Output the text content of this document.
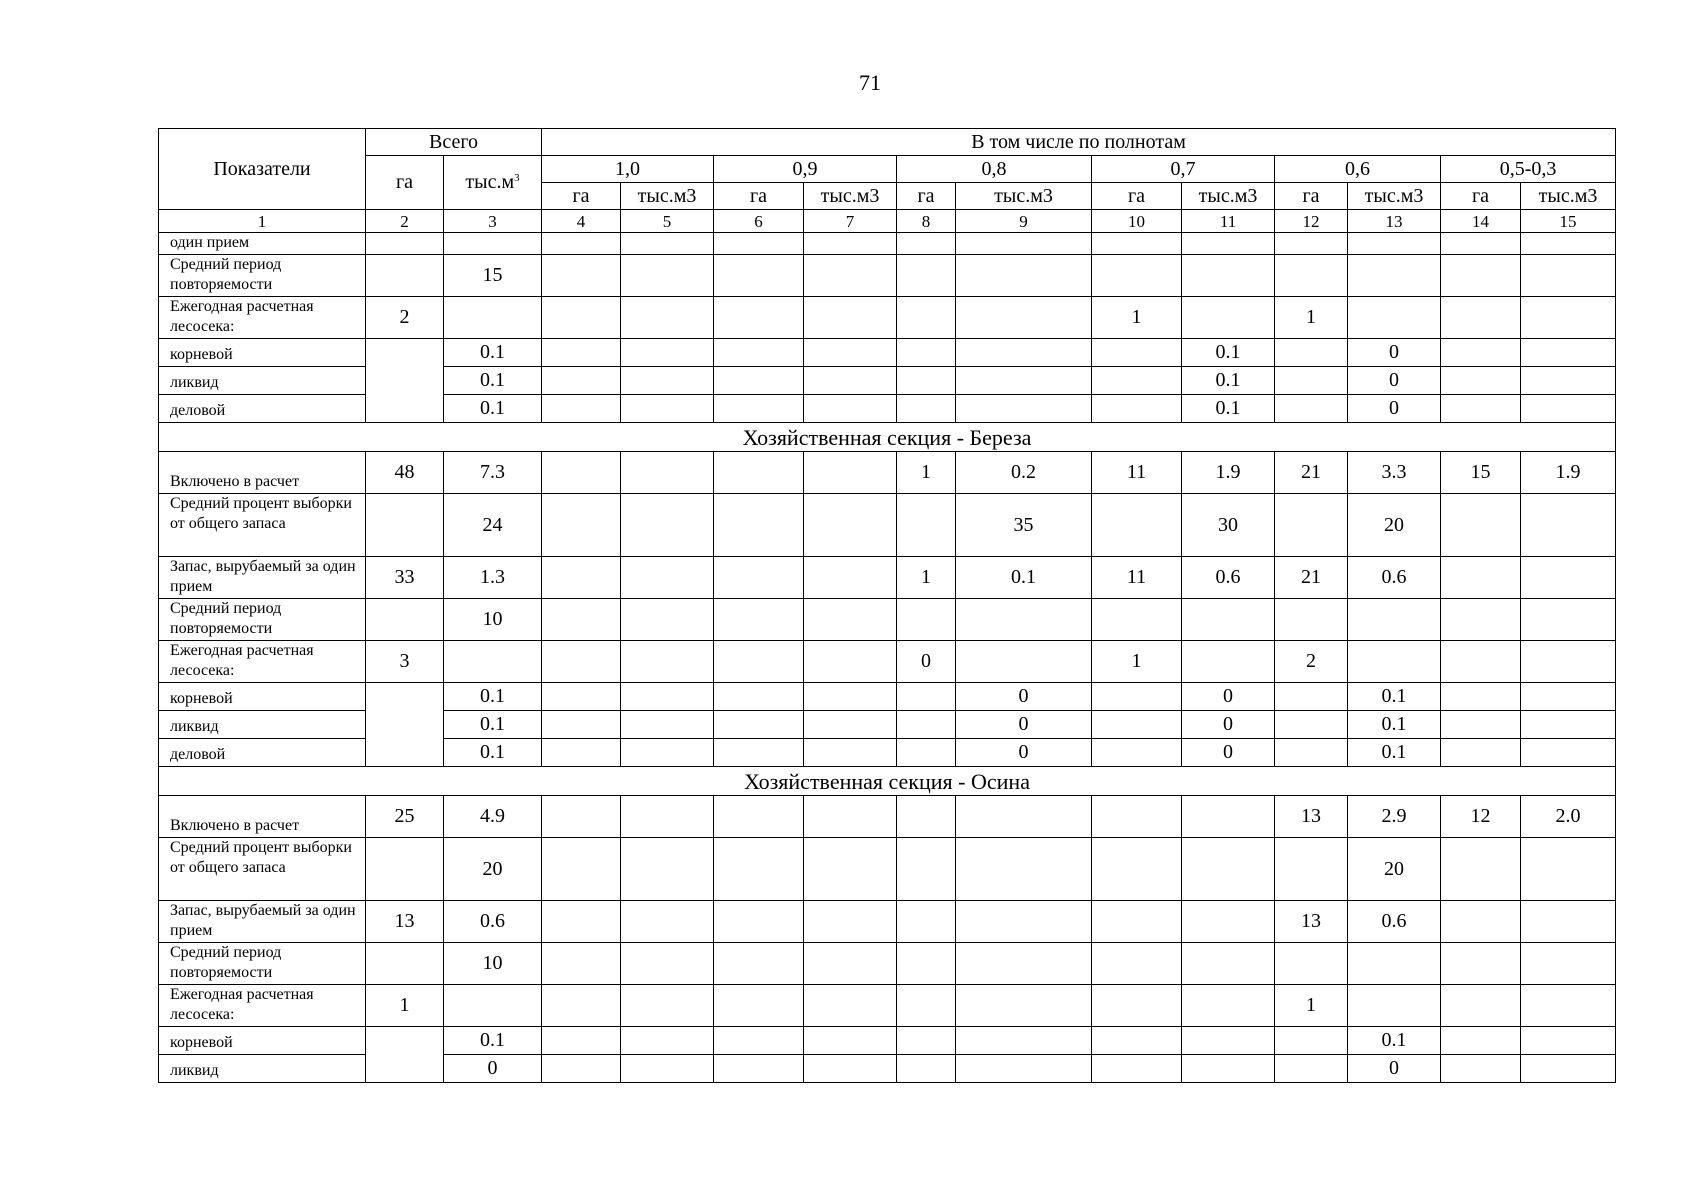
71
Показатели	Всего		В том числе по полнотам											
	га	$тыс.м^3$	1,0		0,9		0,8		0,7		0,6		0,5-0,3	
			га	тыс.м3	га	тыс.м3	га	тыс.м3	га	тыс.м3	га	тыс.м3	га	тыс.м3
1	2	3	4	5	6	7	8	9	10	11	12	13	14	15
один прием														
Средний период повторяемости		15												
Ежегодная расчетная лесосека:	2								1		1			
корневой		0.1								0.1		0		
ликвид		0.1								0.1		0		
деловой		0.1								0.1		0		
Хозяйственная секция - Береза														
Включено в расчет	48	7.3					1	0.2	11	1.9	21	3.3	15	1.9
Средний процент выборки от общего запаса		24						35		30		20		
Запас, вырубаемый за один прием	33	1.3					1	0.1	11	0.6	21	0.6		
Средний период повторяемости		10												
Ежегодная расчетная лесосека:	3						0		1		2			
корневой		0.1						0		0		0.1		
ликвид		0.1						0		0		0.1		
деловой		0.1						0		0		0.1		
Хозяйственная секция - Осина														
Включено в расчет	25	4.9									13	2.9	12	2.0
Средний процент выборки от общего запаса		20										20		
Запас, вырубаемый за один прием	13	0.6									13	0.6		
Средний период повторяемости		10												
Ежегодная расчетная лесосека:	1										1			
корневой		0.1										0.1		
ликвид		0										0		
